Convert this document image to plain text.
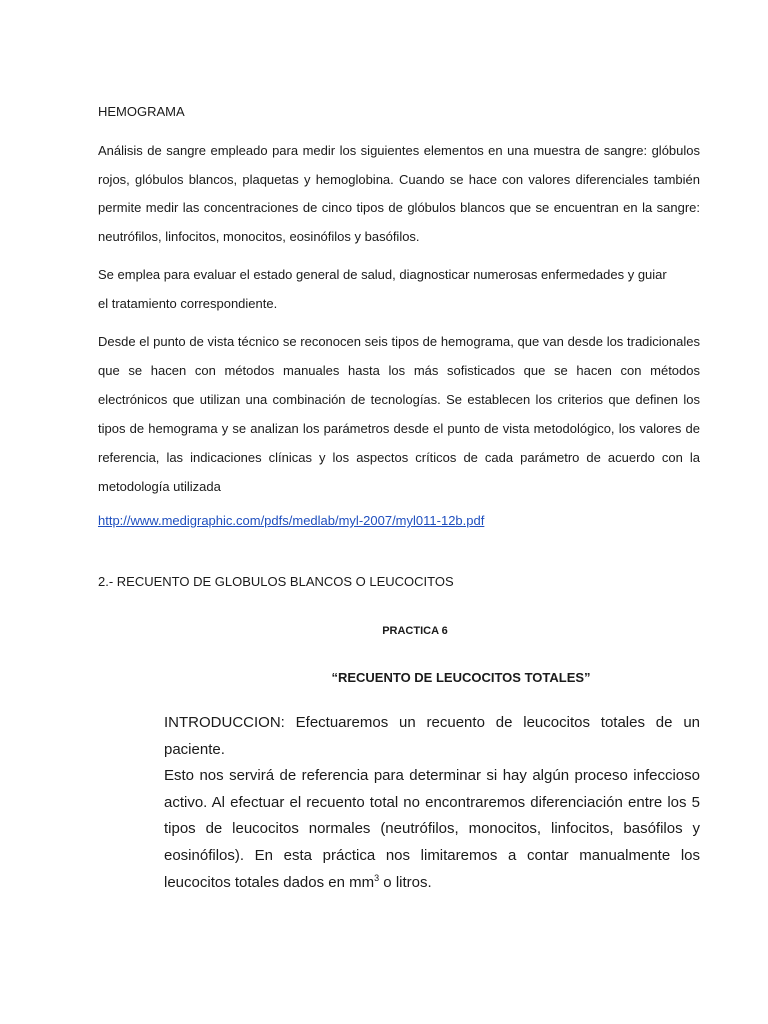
HEMOGRAMA
Análisis de sangre empleado para medir los siguientes elementos en una muestra de sangre: glóbulos rojos, glóbulos blancos, plaquetas y hemoglobina. Cuando se hace con valores diferenciales también permite medir las concentraciones de cinco tipos de glóbulos blancos que se encuentran en la sangre: neutrófilos, linfocitos, monocitos, eosinófilos y basófilos.
Se emplea para evaluar el estado general de salud, diagnosticar numerosas enfermedades y guiar
el tratamiento correspondiente.
Desde el punto de vista técnico se reconocen seis tipos de hemograma, que van desde los tradicionales que se hacen con métodos manuales hasta los más sofisticados que se hacen con métodos electrónicos que utilizan una combinación de tecnologías. Se establecen los criterios que definen los tipos de hemograma y se analizan los parámetros desde el punto de vista metodológico, los valores de referencia, las indicaciones clínicas y los aspectos críticos de cada parámetro de acuerdo con la metodología utilizada
http://www.medigraphic.com/pdfs/medlab/myl-2007/myl011-12b.pdf
2.- RECUENTO DE GLOBULOS BLANCOS O LEUCOCITOS
PRACTICA 6
“RECUENTO DE LEUCOCITOS TOTALES”

INTRODUCCION: Efectuaremos un recuento de leucocitos totales de un paciente.

Esto nos servirá de referencia para determinar si hay algún proceso infeccioso activo. Al efectuar el recuento total no encontraremos diferenciación entre los 5 tipos de leucocitos normales (neutrófilos, monocitos, linfocitos, basófilos y eosinófilos). En esta práctica nos limitaremos a contar manualmente los leucocitos totales dados en $mm^3$ o litros.
